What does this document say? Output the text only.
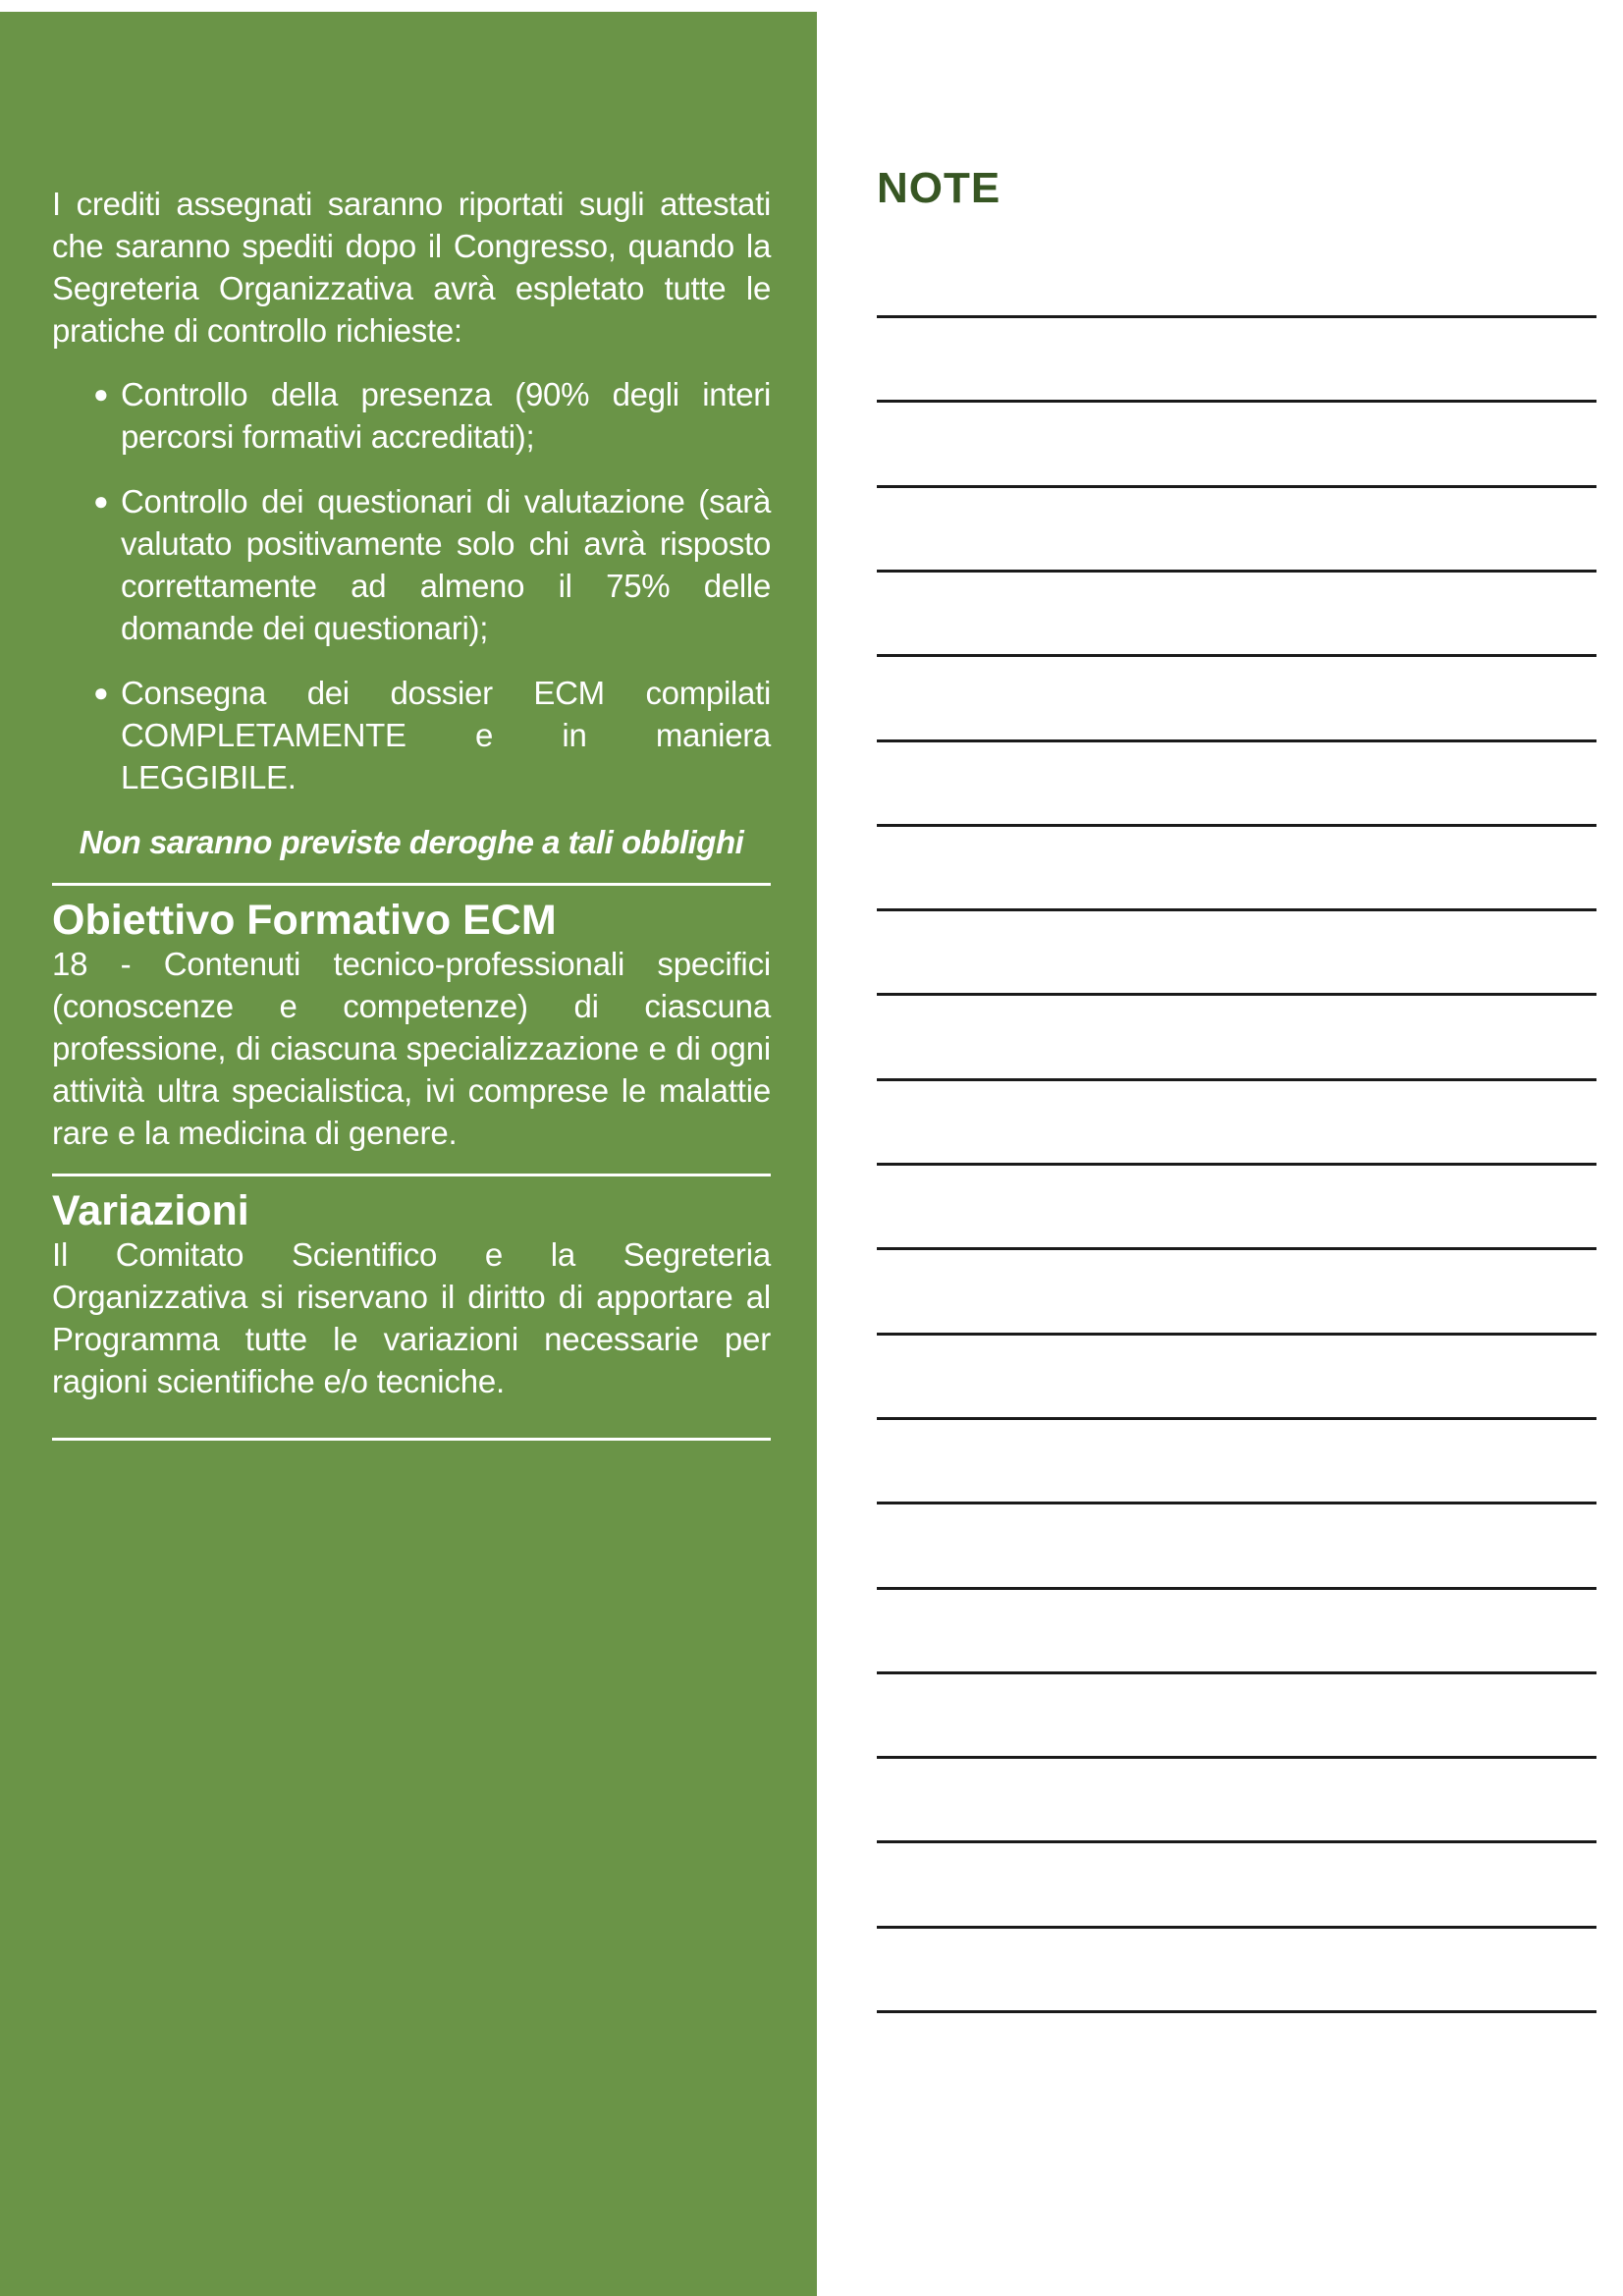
I crediti assegnati saranno riportati sugli attestati che saranno spediti dopo il Congresso, quando la Segreteria Organizzativa avrà espletato tutte le pratiche di controllo richieste:

● Controllo della presenza (90% degli interi percorsi formativi accreditati);
● Controllo dei questionari di valutazione (sarà valutato positivamente solo chi avrà risposto correttamente ad almeno il 75% delle domande dei questionari);
● Consegna dei dossier ECM compilati COMPLETAMENTE e in maniera LEGGIBILE.

Non saranno previste deroghe a tali obblighi

Obiettivo Formativo ECM

18 - Contenuti tecnico-professionali specifici (conoscenze e competenze) di ciascuna professione, di ciascuna specializzazione e di ogni attività ultra specialistica, ivi comprese le malattie rare e la medicina di genere.

Variazioni

Il Comitato Scientifico e la Segreteria Organizzativa si riservano il diritto di apportare al Programma tutte le variazioni necessarie per ragioni scientifiche e/o tecniche.

NOTE
